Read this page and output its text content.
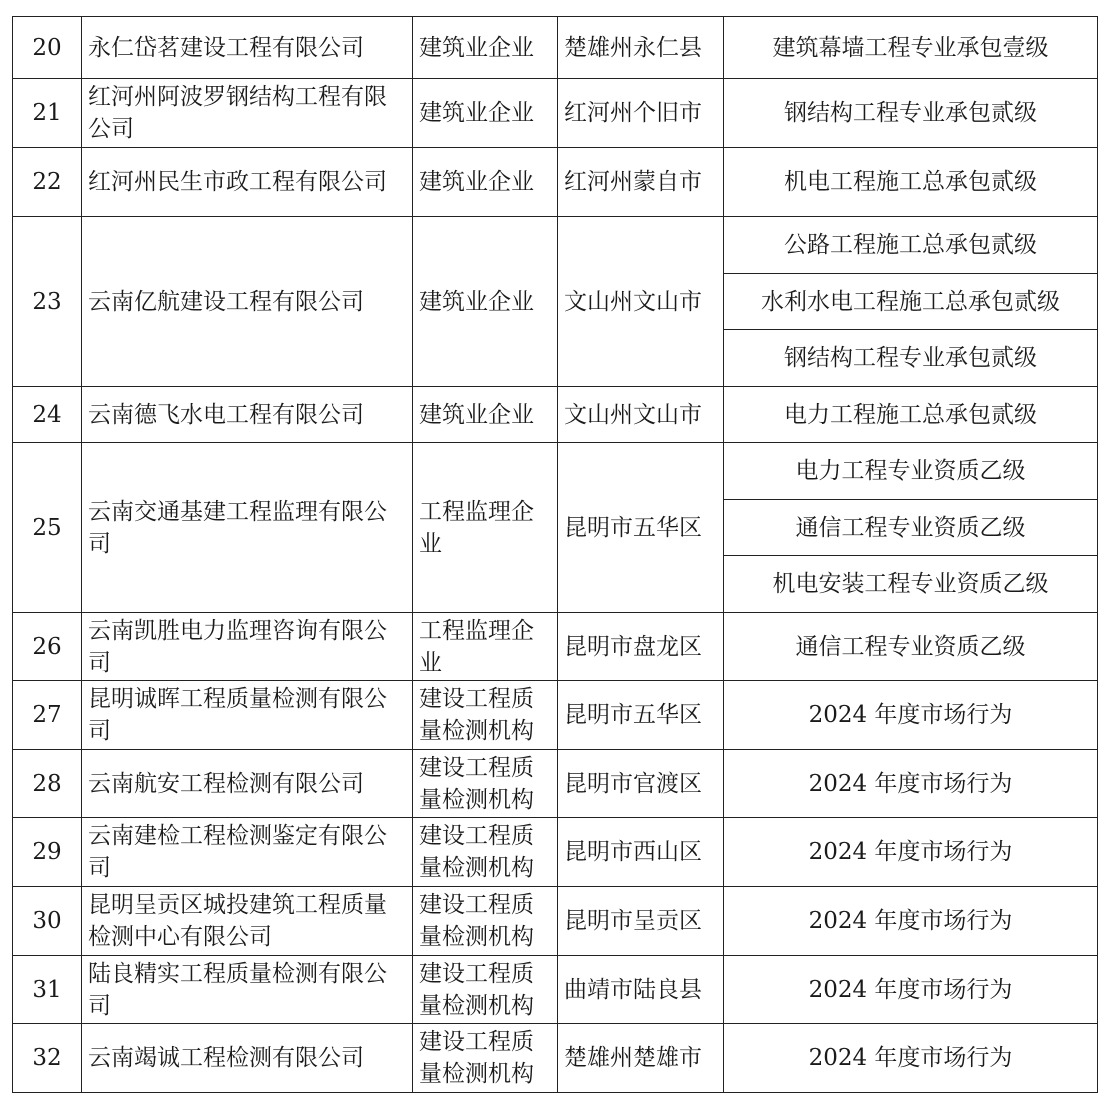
20	永仁岱茗建设工程有限公司	建筑业企业	楚雄州永仁县	建筑幕墙工程专业承包壹级
21	红河州阿波罗钢结构工程有限公司	建筑业企业	红河州个旧市	钢结构工程专业承包贰级
22	红河州民生市政工程有限公司	建筑业企业	红河州蒙自市	机电工程施工总承包贰级
23	云南亿航建设工程有限公司	建筑业企业	文山州文山市	公路工程施工总承包贰级
				水利水电工程施工总承包贰级
				钢结构工程专业承包贰级
24	云南德飞水电工程有限公司	建筑业企业	文山州文山市	电力工程施工总承包贰级
25	云南交通基建工程监理有限公司	工程监理企业	昆明市五华区	电力工程专业资质乙级
				通信工程专业资质乙级
				机电安装工程专业资质乙级
26	云南凯胜电力监理咨询有限公司	工程监理企业	昆明市盘龙区	通信工程专业资质乙级
27	昆明诚晖工程质量检测有限公司	建设工程质量检测机构	昆明市五华区	2024 年度市场行为
28	云南航安工程检测有限公司	建设工程质量检测机构	昆明市官渡区	2024 年度市场行为
29	云南建检工程检测鉴定有限公司	建设工程质量检测机构	昆明市西山区	2024 年度市场行为
30	昆明呈贡区城投建筑工程质量检测中心有限公司	建设工程质量检测机构	昆明市呈贡区	2024 年度市场行为
31	陆良精实工程质量检测有限公司	建设工程质量检测机构	曲靖市陆良县	2024 年度市场行为
32	云南竭诚工程检测有限公司	建设工程质量检测机构	楚雄州楚雄市	2024 年度市场行为
